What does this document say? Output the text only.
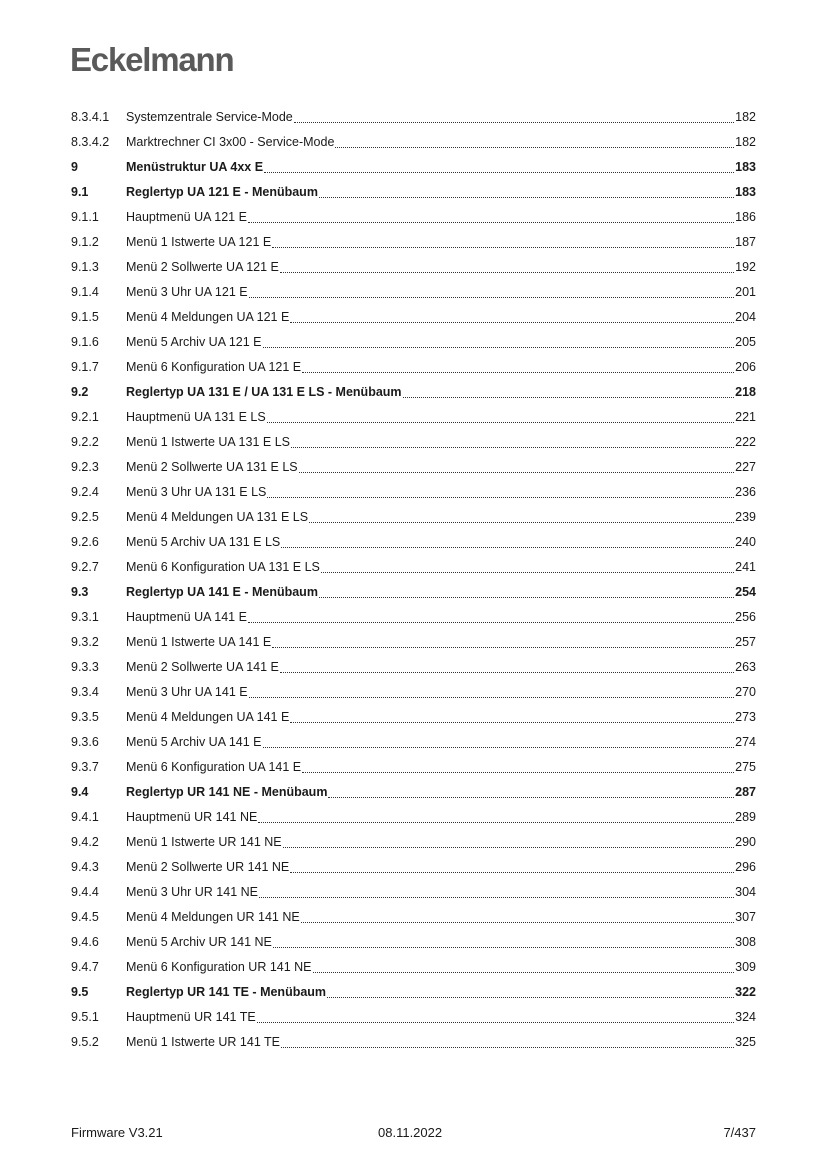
Eckelmann
8.3.4.1	Systemzentrale Service-Mode	182
8.3.4.2	Marktrechner CI 3x00 - Service-Mode	182
9	Menüstruktur UA 4xx E	183
9.1	Reglertyp UA 121 E - Menübaum	183
9.1.1	Hauptmenü UA 121 E	186
9.1.2	Menü 1 Istwerte UA 121 E	187
9.1.3	Menü 2 Sollwerte UA 121 E	192
9.1.4	Menü 3 Uhr UA 121 E	201
9.1.5	Menü 4 Meldungen UA 121 E	204
9.1.6	Menü 5 Archiv UA 121 E	205
9.1.7	Menü 6 Konfiguration UA 121 E	206
9.2	Reglertyp UA 131 E / UA 131 E LS - Menübaum	218
9.2.1	Hauptmenü UA 131 E LS	221
9.2.2	Menü 1 Istwerte UA 131 E LS	222
9.2.3	Menü 2 Sollwerte UA 131 E LS	227
9.2.4	Menü 3 Uhr UA 131 E LS	236
9.2.5	Menü 4 Meldungen UA 131 E LS	239
9.2.6	Menü 5 Archiv UA 131 E LS	240
9.2.7	Menü 6 Konfiguration UA 131 E LS	241
9.3	Reglertyp UA 141 E - Menübaum	254
9.3.1	Hauptmenü UA 141 E	256
9.3.2	Menü 1 Istwerte UA 141 E	257
9.3.3	Menü 2 Sollwerte UA 141 E	263
9.3.4	Menü 3 Uhr UA 141 E	270
9.3.5	Menü 4 Meldungen UA 141 E	273
9.3.6	Menü 5 Archiv UA 141 E	274
9.3.7	Menü 6 Konfiguration UA 141 E	275
9.4	Reglertyp UR 141 NE - Menübaum	287
9.4.1	Hauptmenü UR 141 NE	289
9.4.2	Menü 1 Istwerte UR 141 NE	290
9.4.3	Menü 2 Sollwerte UR 141 NE	296
9.4.4	Menü 3 Uhr UR 141 NE	304
9.4.5	Menü 4 Meldungen UR 141 NE	307
9.4.6	Menü 5 Archiv UR 141 NE	308
9.4.7	Menü 6 Konfiguration UR 141 NE	309
9.5	Reglertyp UR 141 TE - Menübaum	322
9.5.1	Hauptmenü UR 141 TE	324
9.5.2	Menü 1 Istwerte UR 141 TE	325
Firmware V3.21	08.11.2022	7/437
